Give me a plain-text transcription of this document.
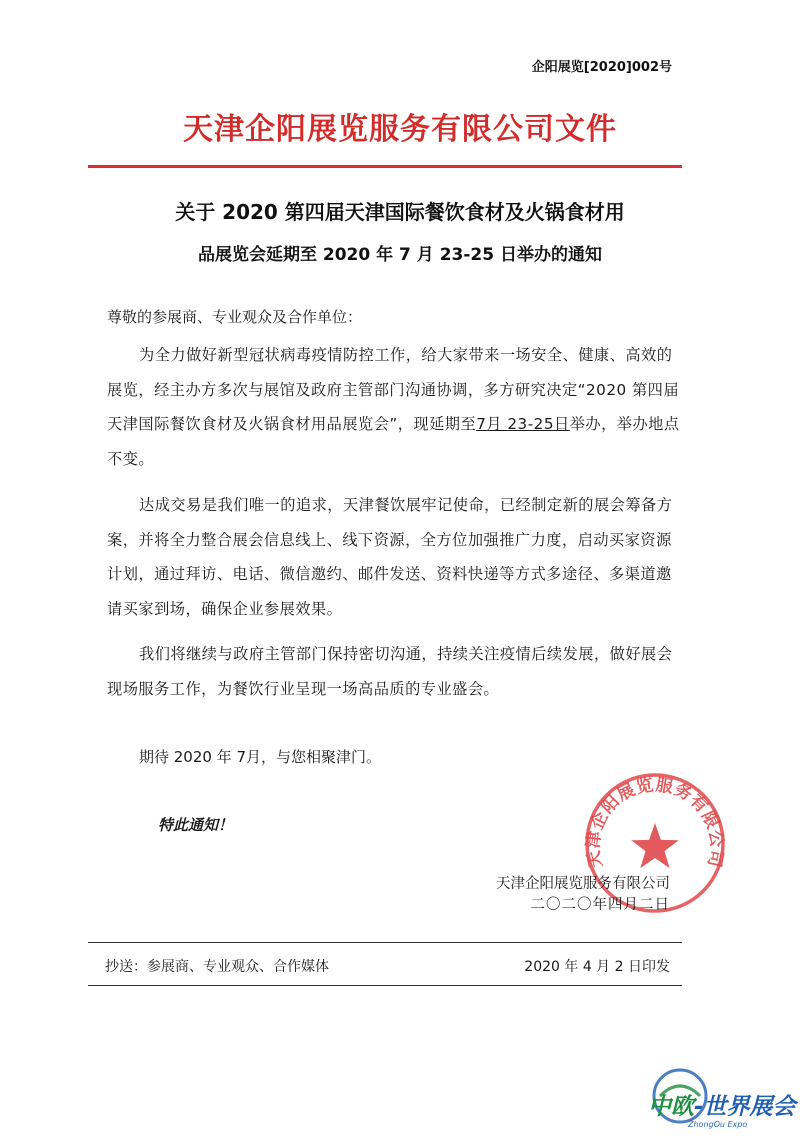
企阳展览[2020]002号
天津企阳展览服务有限公司文件
关于 2020 第四届天津国际餐饮食材及火锅食材用
品展览会延期至 2020 年 7 月 23-25 日举办的通知
尊敬的参展商、专业观众及合作单位：
为全力做好新型冠状病毒疫情防控工作，给大家带来一场安全、健康、高效的展览，经主办方多次与展馆及政府主管部门沟通协调，多方研究决定“2020 第四届天津国际餐饮食材及火锅食材用品展览会”，现延期至7月 23-25日举办，举办地点不变。
达成交易是我们唯一的追求，天津餐饮展牢记使命，已经制定新的展会筹备方案，并将全力整合展会信息线上、线下资源，全方位加强推广力度，启动买家资源计划，通过拜访、电话、微信邀约、邮件发送、资料快递等方式多途径、多渠道邀请买家到场，确保企业参展效果。
我们将继续与政府主管部门保持密切沟通，持续关注疫情后续发展，做好展会现场服务工作，为餐饮行业呈现一场高品质的专业盛会。
期待 2020 年 7月，与您相聚津门。
特此通知！
天津企阳展览服务有限公司
天津企阳展览服务有限公司
二〇二〇年四月二日
抄送：参展商、专业观众、合作媒体	2020 年 4 月 2 日印发
中欧-世界展会
ZhongOu Expo
